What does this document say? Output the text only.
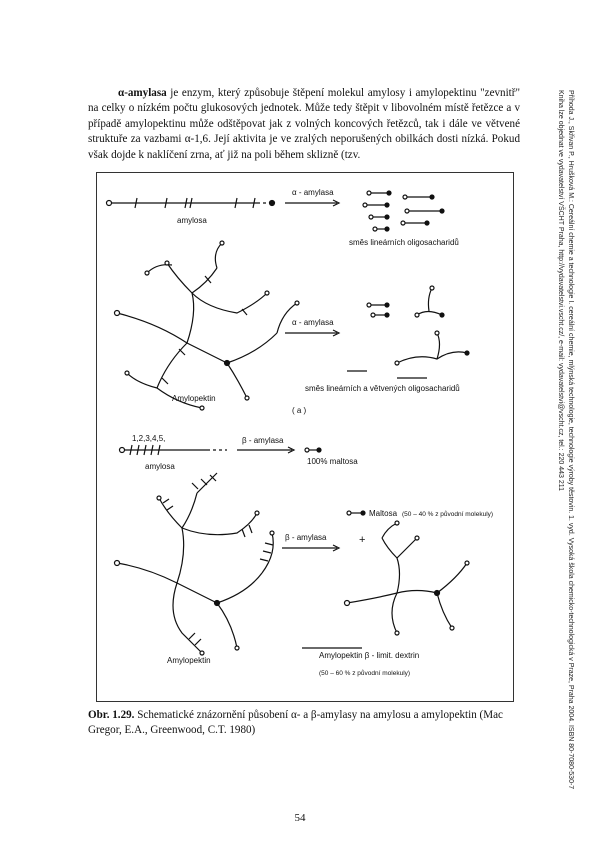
α-amylasa je enzym, který způsobuje štěpení molekul amylosy i amylopektinu "zevnitř" na celky o nízkém počtu glukosových jednotek. Může tedy štěpit v libovolném místě řetězce a v případě amylopektinu může odštěpovat jak z volných koncových řetězců, tak i dále ve větvené struktuře za vazbami α-1,6. Její aktivita je ve zralých neporušených obilkách dosti nízká. Pokud však dojde k naklíčení zrna, ať již na poli během sklizně (tzv.	Příhoda J., Skřivan P., Hrušková M.: Cereální chemie a technologie I. cereální chemie, mlýnská technologie, technologie výroby těstovin. 1. vyd. Vysoká škola chemicko-technologická v Praze, Praha 2004. ISBN 80-7080-530-7
Kniha lze objednat ve vydavatelství VŠCHT Praha, http://vydavatelstvi.vscht.cz/, e-mail: vydavatelstvi@vscht.cz, tel.: 220 443 211
α - amylasa
amylosa
směs lineárních oligosacharidů
α - amylasa
Amylopektin
směs lineárních a větvených oligosacharidů
( a )
1,2,3,4,5,	β - amylasa
amylosa
100% maltosa
Maltosa (50 – 40 % z původní molekuly)
β - amylasa	+
Amylopektin
Amylopektin β - limit. dextrin
(50 – 60 % z původní molekuly)
Obr. 1.29. Schematické znázornění působení α- a β-amylasy na amylosu a amylopektin (Mac Gregor, E.A., Greenwood, C.T. 1980)
54
